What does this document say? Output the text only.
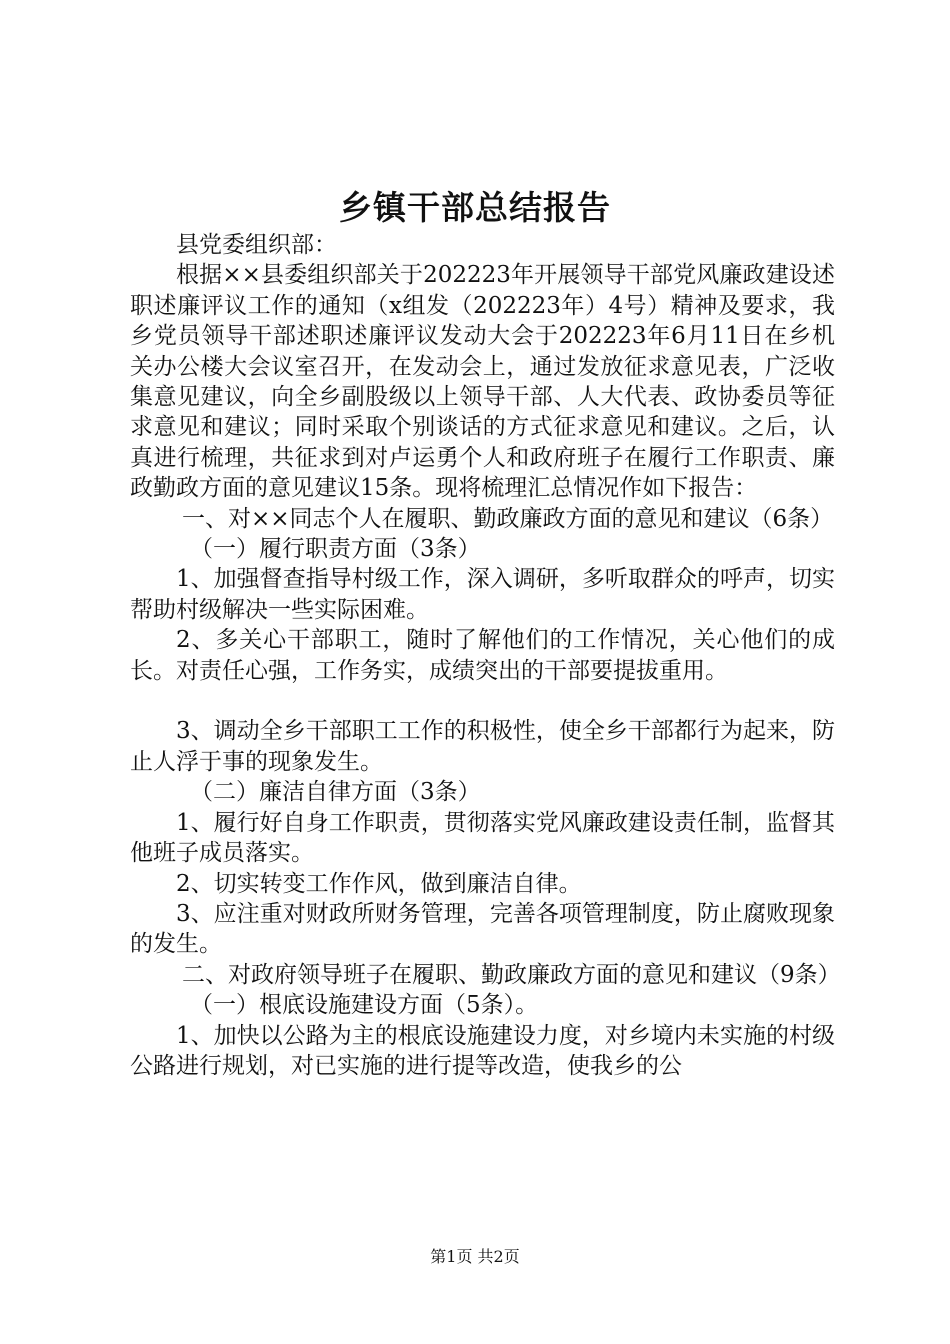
乡镇干部总结报告

县党委组织部：

根据××县委组织部关于202223年开展领导干部党风廉政建设述职述廉评议工作的通知（x组发（202223年）4号）精神及要求，我乡党员领导干部述职述廉评议发动大会于202223年6月11日在乡机关办公楼大会议室召开，在发动会上，通过发放征求意见表，广泛收集意见建议，向全乡副股级以上领导干部、人大代表、政协委员等征求意见和建议；同时采取个别谈话的方式征求意见和建议。之后，认真进行梳理，共征求到对卢运勇个人和政府班子在履行工作职责、廉政勤政方面的意见建议15条。现将梳理汇总情况作如下报告：

一、对××同志个人在履职、勤政廉政方面的意见和建议（6条）

（一）履行职责方面（3条）

1、加强督查指导村级工作，深入调研，多听取群众的呼声，切实帮助村级解决一些实际困难。

2、多关心干部职工，随时了解他们的工作情况，关心他们的成长。对责任心强，工作务实，成绩突出的干部要提拔重用。

3、调动全乡干部职工工作的积极性，使全乡干部都行为起来，防止人浮于事的现象发生。

（二）廉洁自律方面（3条）

1、履行好自身工作职责，贯彻落实党风廉政建设责任制，监督其他班子成员落实。

2、切实转变工作作风，做到廉洁自律。

3、应注重对财政所财务管理，完善各项管理制度，防止腐败现象的发生。

二、对政府领导班子在履职、勤政廉政方面的意见和建议（9条）

（一）根底设施建设方面（5条）。

1、加快以公路为主的根底设施建设力度，对乡境内未实施的村级公路进行规划，对已实施的进行提等改造，使我乡的公

第1页 共2页
